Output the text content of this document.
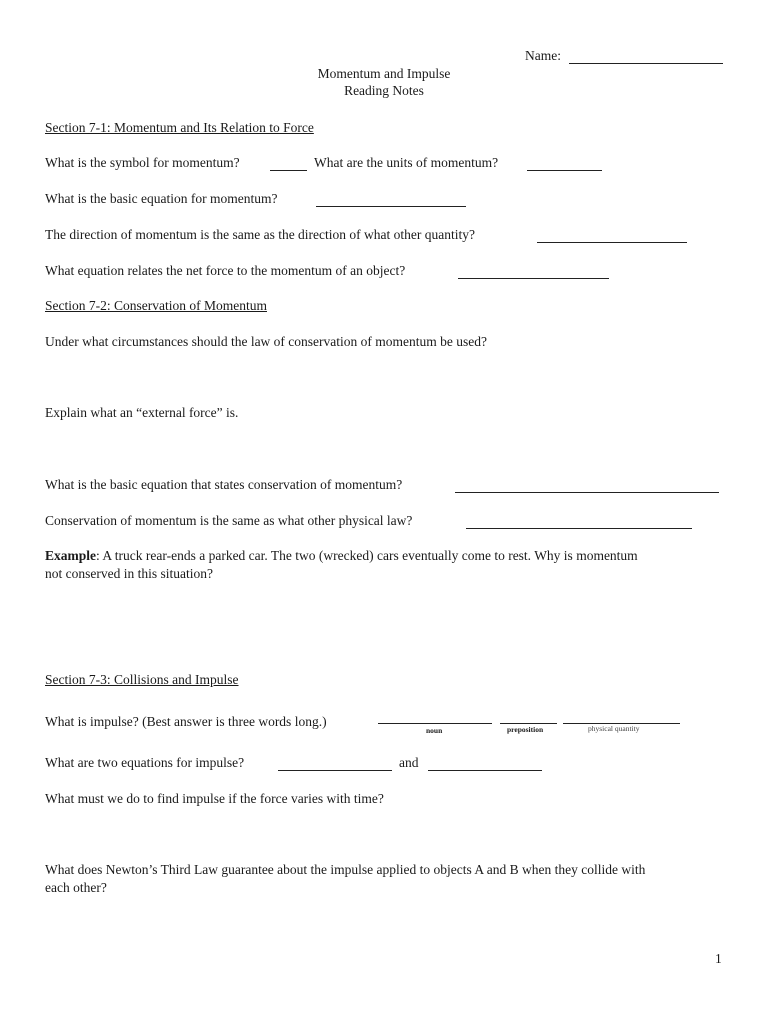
Name:
Momentum and Impulse
Reading Notes
Section 7-1: Momentum and Its Relation to Force
What is the symbol for momentum?	What are the units of momentum?
What is the basic equation for momentum?
The direction of momentum is the same as the direction of what other quantity?
What equation relates the net force to the momentum of an object?
Section 7-2: Conservation of Momentum
Under what circumstances should the law of conservation of momentum be used?
Explain what an “external force” is.
What is the basic equation that states conservation of momentum?
Conservation of momentum is the same as what other physical law?
Example: A truck rear-ends a parked car. The two (wrecked) cars eventually come to rest. Why is momentum
not conserved in this situation?
Section 7-3: Collisions and Impulse
What is impulse? (Best answer is three words long.)
noun	preposition	physical quantity
What are two equations for impulse?	and
What must we do to find impulse if the force varies with time?
What does Newton’s Third Law guarantee about the impulse applied to objects A and B when they collide with
each other?
1
